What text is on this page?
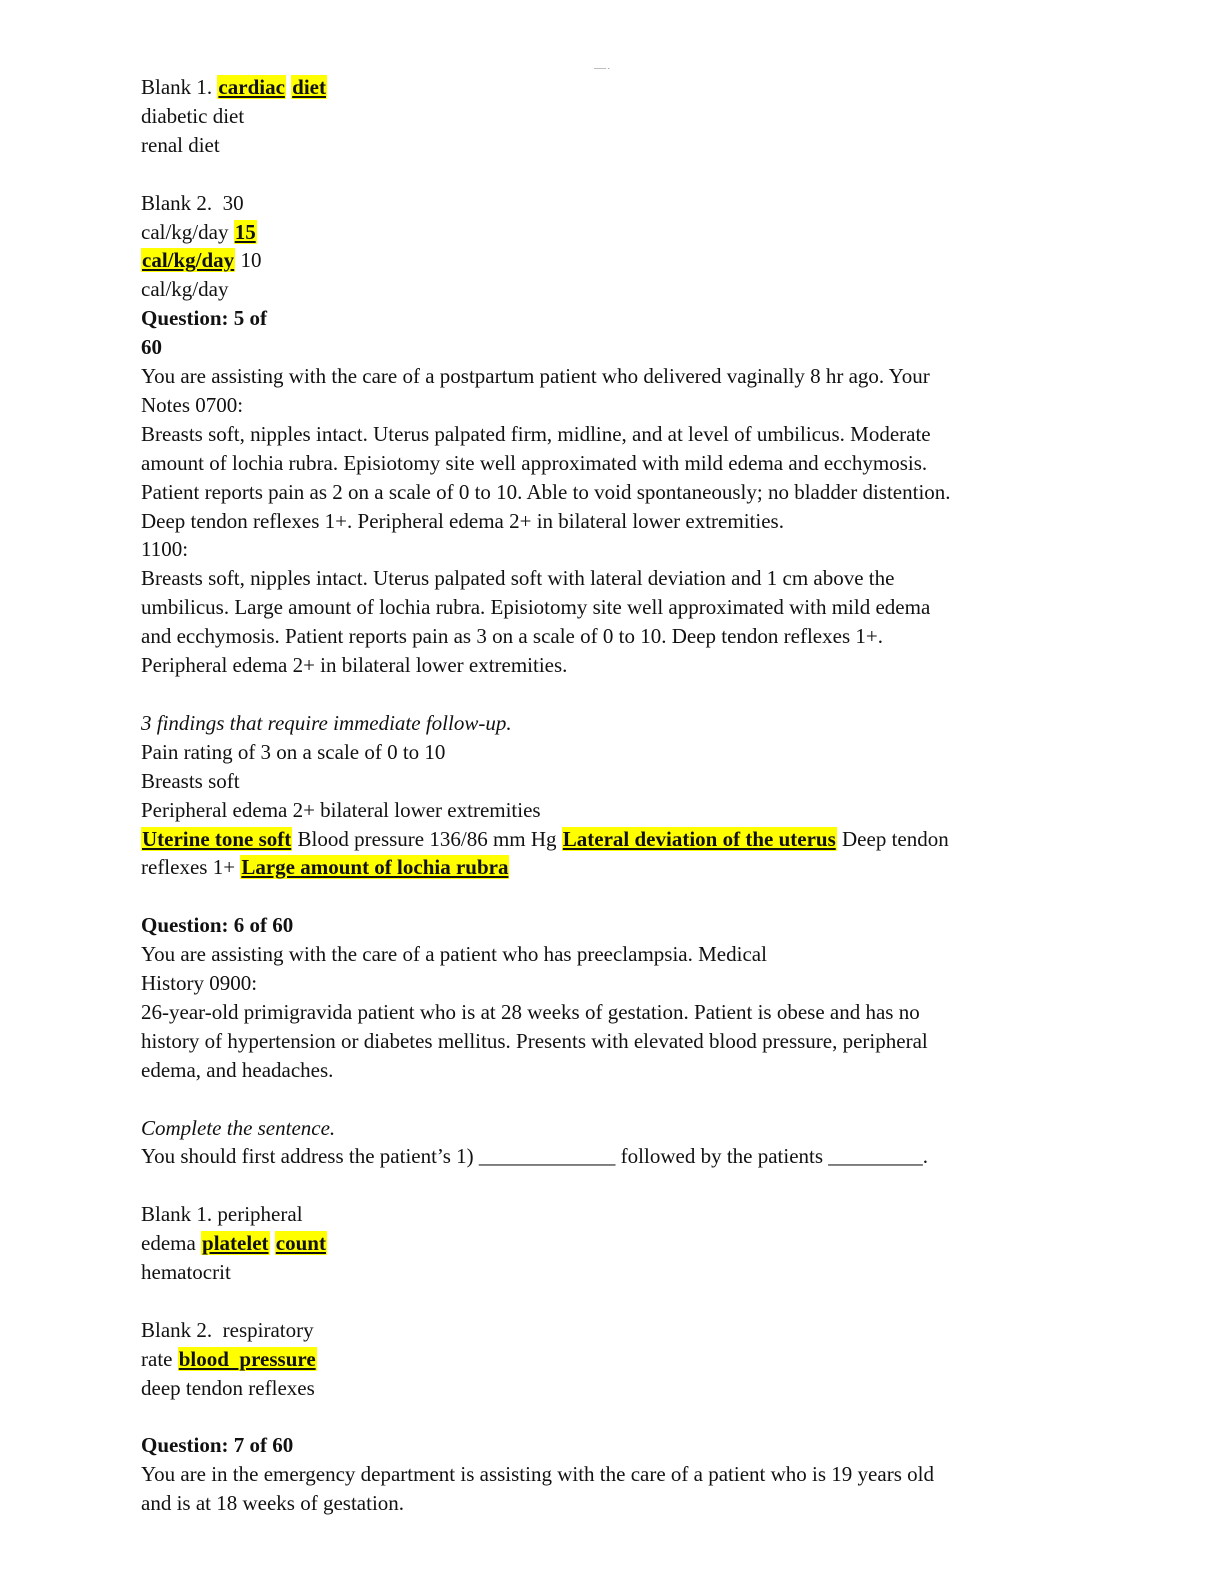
------ -
Blank 1. cardiac diet
diabetic diet
renal diet
Blank 2.  30
cal/kg/day 15
cal/kg/day 10
cal/kg/day
Question: 5 of
60
You are assisting with the care of a postpartum patient who delivered vaginally 8 hr ago. Your
Notes 0700:
Breasts soft, nipples intact. Uterus palpated firm, midline, and at level of umbilicus. Moderate
amount of lochia rubra. Episiotomy site well approximated with mild edema and ecchymosis.
Patient reports pain as 2 on a scale of 0 to 10. Able to void spontaneously; no bladder distention.
Deep tendon reflexes 1+. Peripheral edema 2+ in bilateral lower extremities.
1100:
Breasts soft, nipples intact. Uterus palpated soft with lateral deviation and 1 cm above the
umbilicus. Large amount of lochia rubra. Episiotomy site well approximated with mild edema
and ecchymosis. Patient reports pain as 3 on a scale of 0 to 10. Deep tendon reflexes 1+.
Peripheral edema 2+ in bilateral lower extremities.
3 findings that require immediate follow-up.
Pain rating of 3 on a scale of 0 to 10
Breasts soft
Peripheral edema 2+ bilateral lower extremities
Uterine tone soft Blood pressure 136/86 mm Hg Lateral deviation of the uterus Deep tendon
reflexes 1+ Large amount of lochia rubra
Question: 6 of 60
You are assisting with the care of a patient who has preeclampsia. Medical
History 0900:
26-year-old primigravida patient who is at 28 weeks of gestation. Patient is obese and has no
history of hypertension or diabetes mellitus. Presents with elevated blood pressure, peripheral
edema, and headaches.
Complete the sentence.
You should first address the patient’s 1) _____________ followed by the patients _________.
Blank 1. peripheral
edema platelet count
hematocrit
Blank 2.  respiratory
rate blood  pressure
deep tendon reflexes
Question: 7 of 60
You are in the emergency department is assisting with the care of a patient who is 19 years old
and is at 18 weeks of gestation.
